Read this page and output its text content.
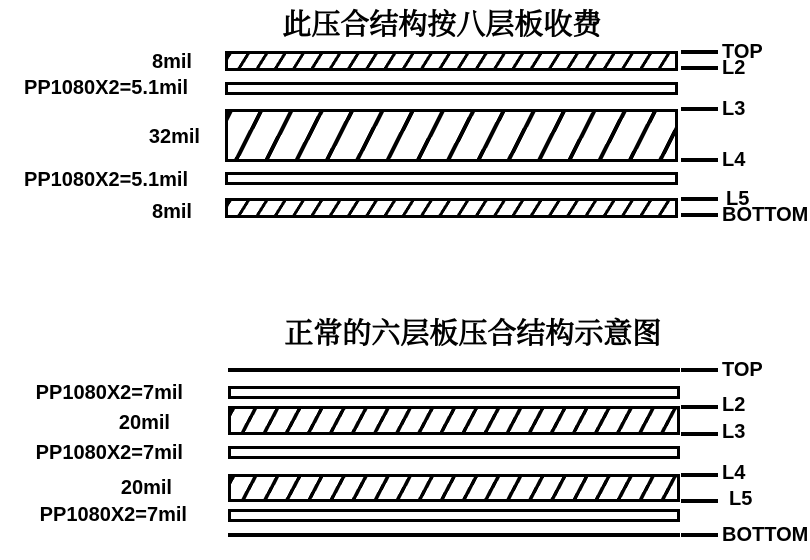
此压合结构按八层板收费
8mil
PP1080X2=5.1mil
32mil
PP1080X2=5.1mil
8mil
TOP
L2
L3
L4
L5
BOTTOM
正常的六层板压合结构示意图
PP1080X2=7mil
20mil
PP1080X2=7mil
20mil
PP1080X2=7mil
TOP
L2
L3
L4
L5
BOTTOM
